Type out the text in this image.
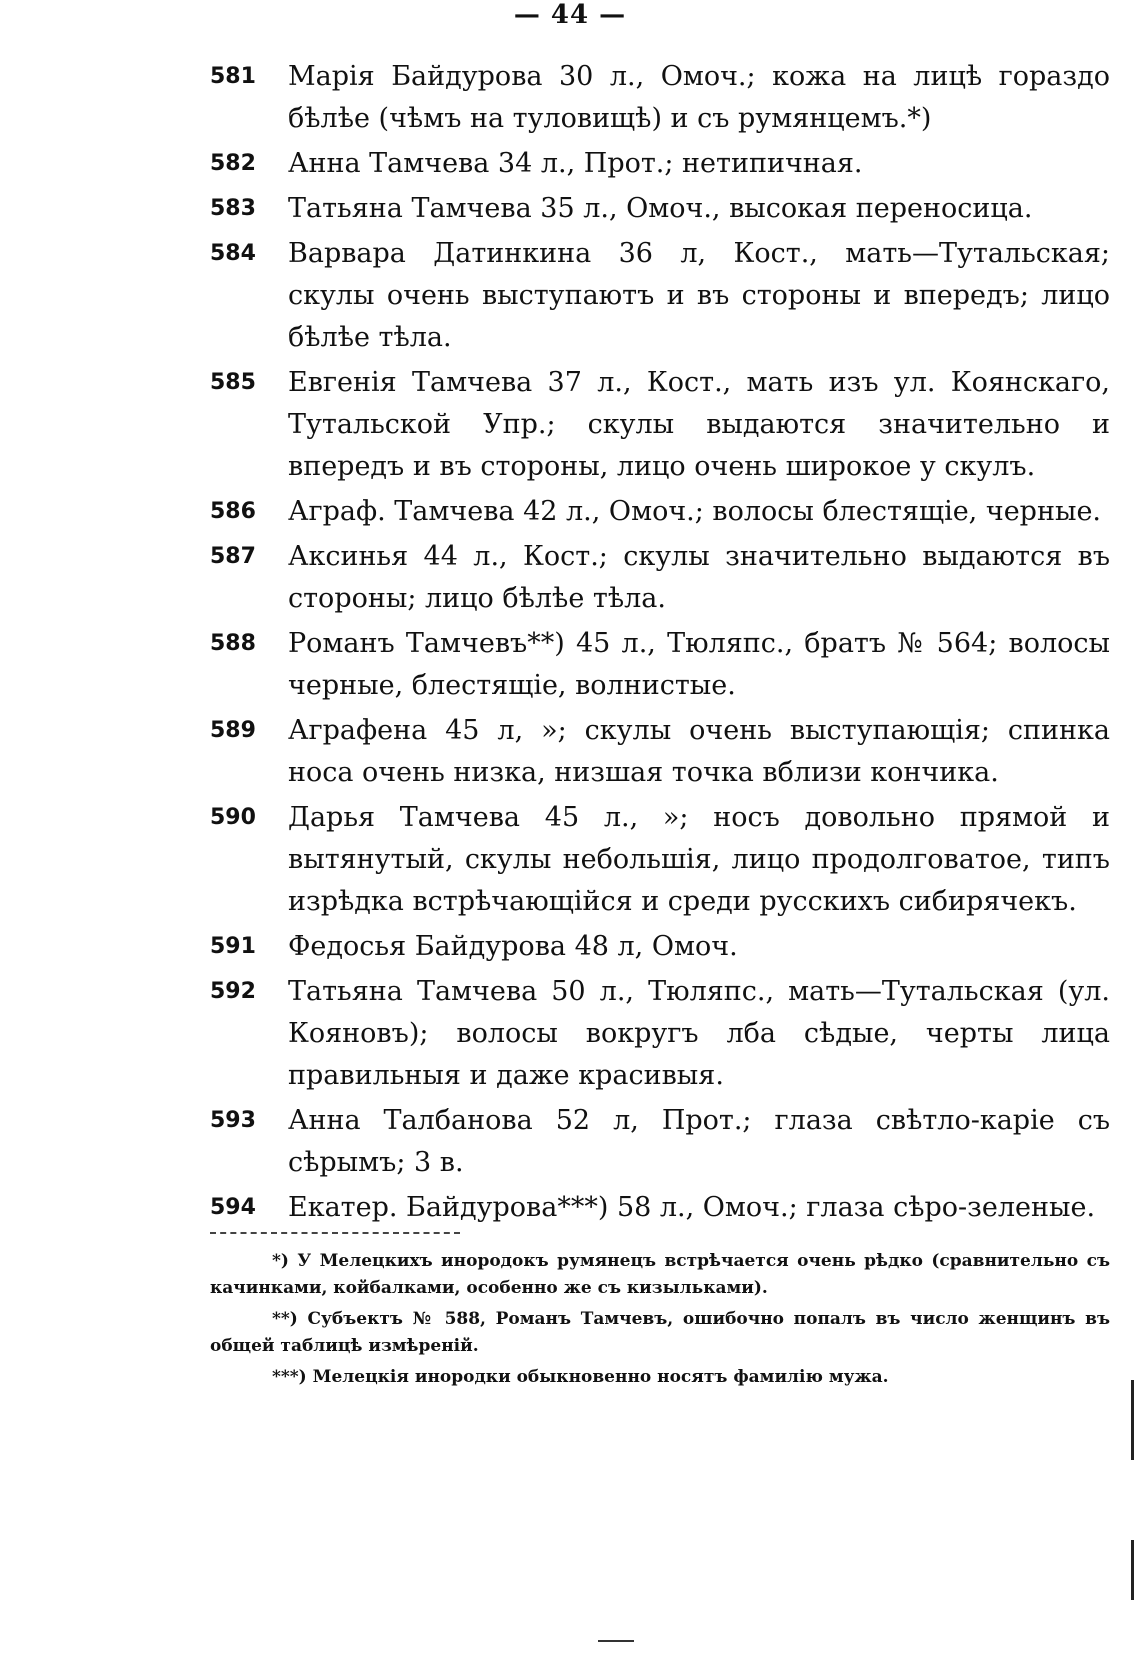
— 44 —
581	Марія Байдурова 30 л., Омоч.; кожа на лицѣ гораздо бѣлѣе (чѣмъ на туловищѣ) и съ румянцемъ.*)
582	Анна Тамчева 34 л., Прот.; нетипичная.
583	Татьяна Тамчева 35 л., Омоч., высокая переносица.
584	Варвара Датинкина 36 л, Кост., мать—Тутальская; скулы очень выступаютъ и въ стороны и впередъ; лицо бѣлѣе тѣла.
585	Евгенія Тамчева 37 л., Кост., мать изъ ул. Коянскаго, Тутальской Упр.; скулы выдаются значительно и впередъ и въ стороны, лицо очень широкое у скулъ.
586	Аграф. Тамчева 42 л., Омоч.; волосы блестящіе, черные.
587	Аксинья 44 л., Кост.; скулы значительно выдаются въ стороны; лицо бѣлѣе тѣла.
588	Романъ Тамчевъ**) 45 л., Тюляпс., братъ № 564; волосы черные, блестящіе, волнистые.
589	Аграфена 45 л, »; скулы очень выступающія; спинка носа очень низка, низшая точка вблизи кончика.
590	Дарья Тамчева 45 л., »; носъ довольно прямой и вытянутый, скулы небольшія, лицо продолговатое, типъ изрѣдка встрѣчающійся и среди русскихъ сибирячекъ.
591	Федосья Байдурова 48 л, Омоч.
592	Татьяна Тамчева 50 л., Тюляпс., мать—Тутальская (ул. Кояновъ); волосы вокругъ лба сѣдые, черты лица правильныя и даже красивыя.
593	Анна Талбанова 52 л, Прот.; глаза свѣтло-каріе съ сѣрымъ; 3 в.
594	Екатер. Байдурова***) 58 л., Омоч.; глаза сѣро-зеленые.
*) У Мелецкихъ инородокъ румянецъ встрѣчается очень рѣдко (сравнительно съ качинками, койбалками, особенно же съ кизыльками).
**) Субъектъ № 588, Романъ Тамчевъ, ошибочно попалъ въ число женщинъ въ общей таблицѣ измѣреній.
***) Мелецкія инородки обыкновенно носятъ фамилію мужа.
